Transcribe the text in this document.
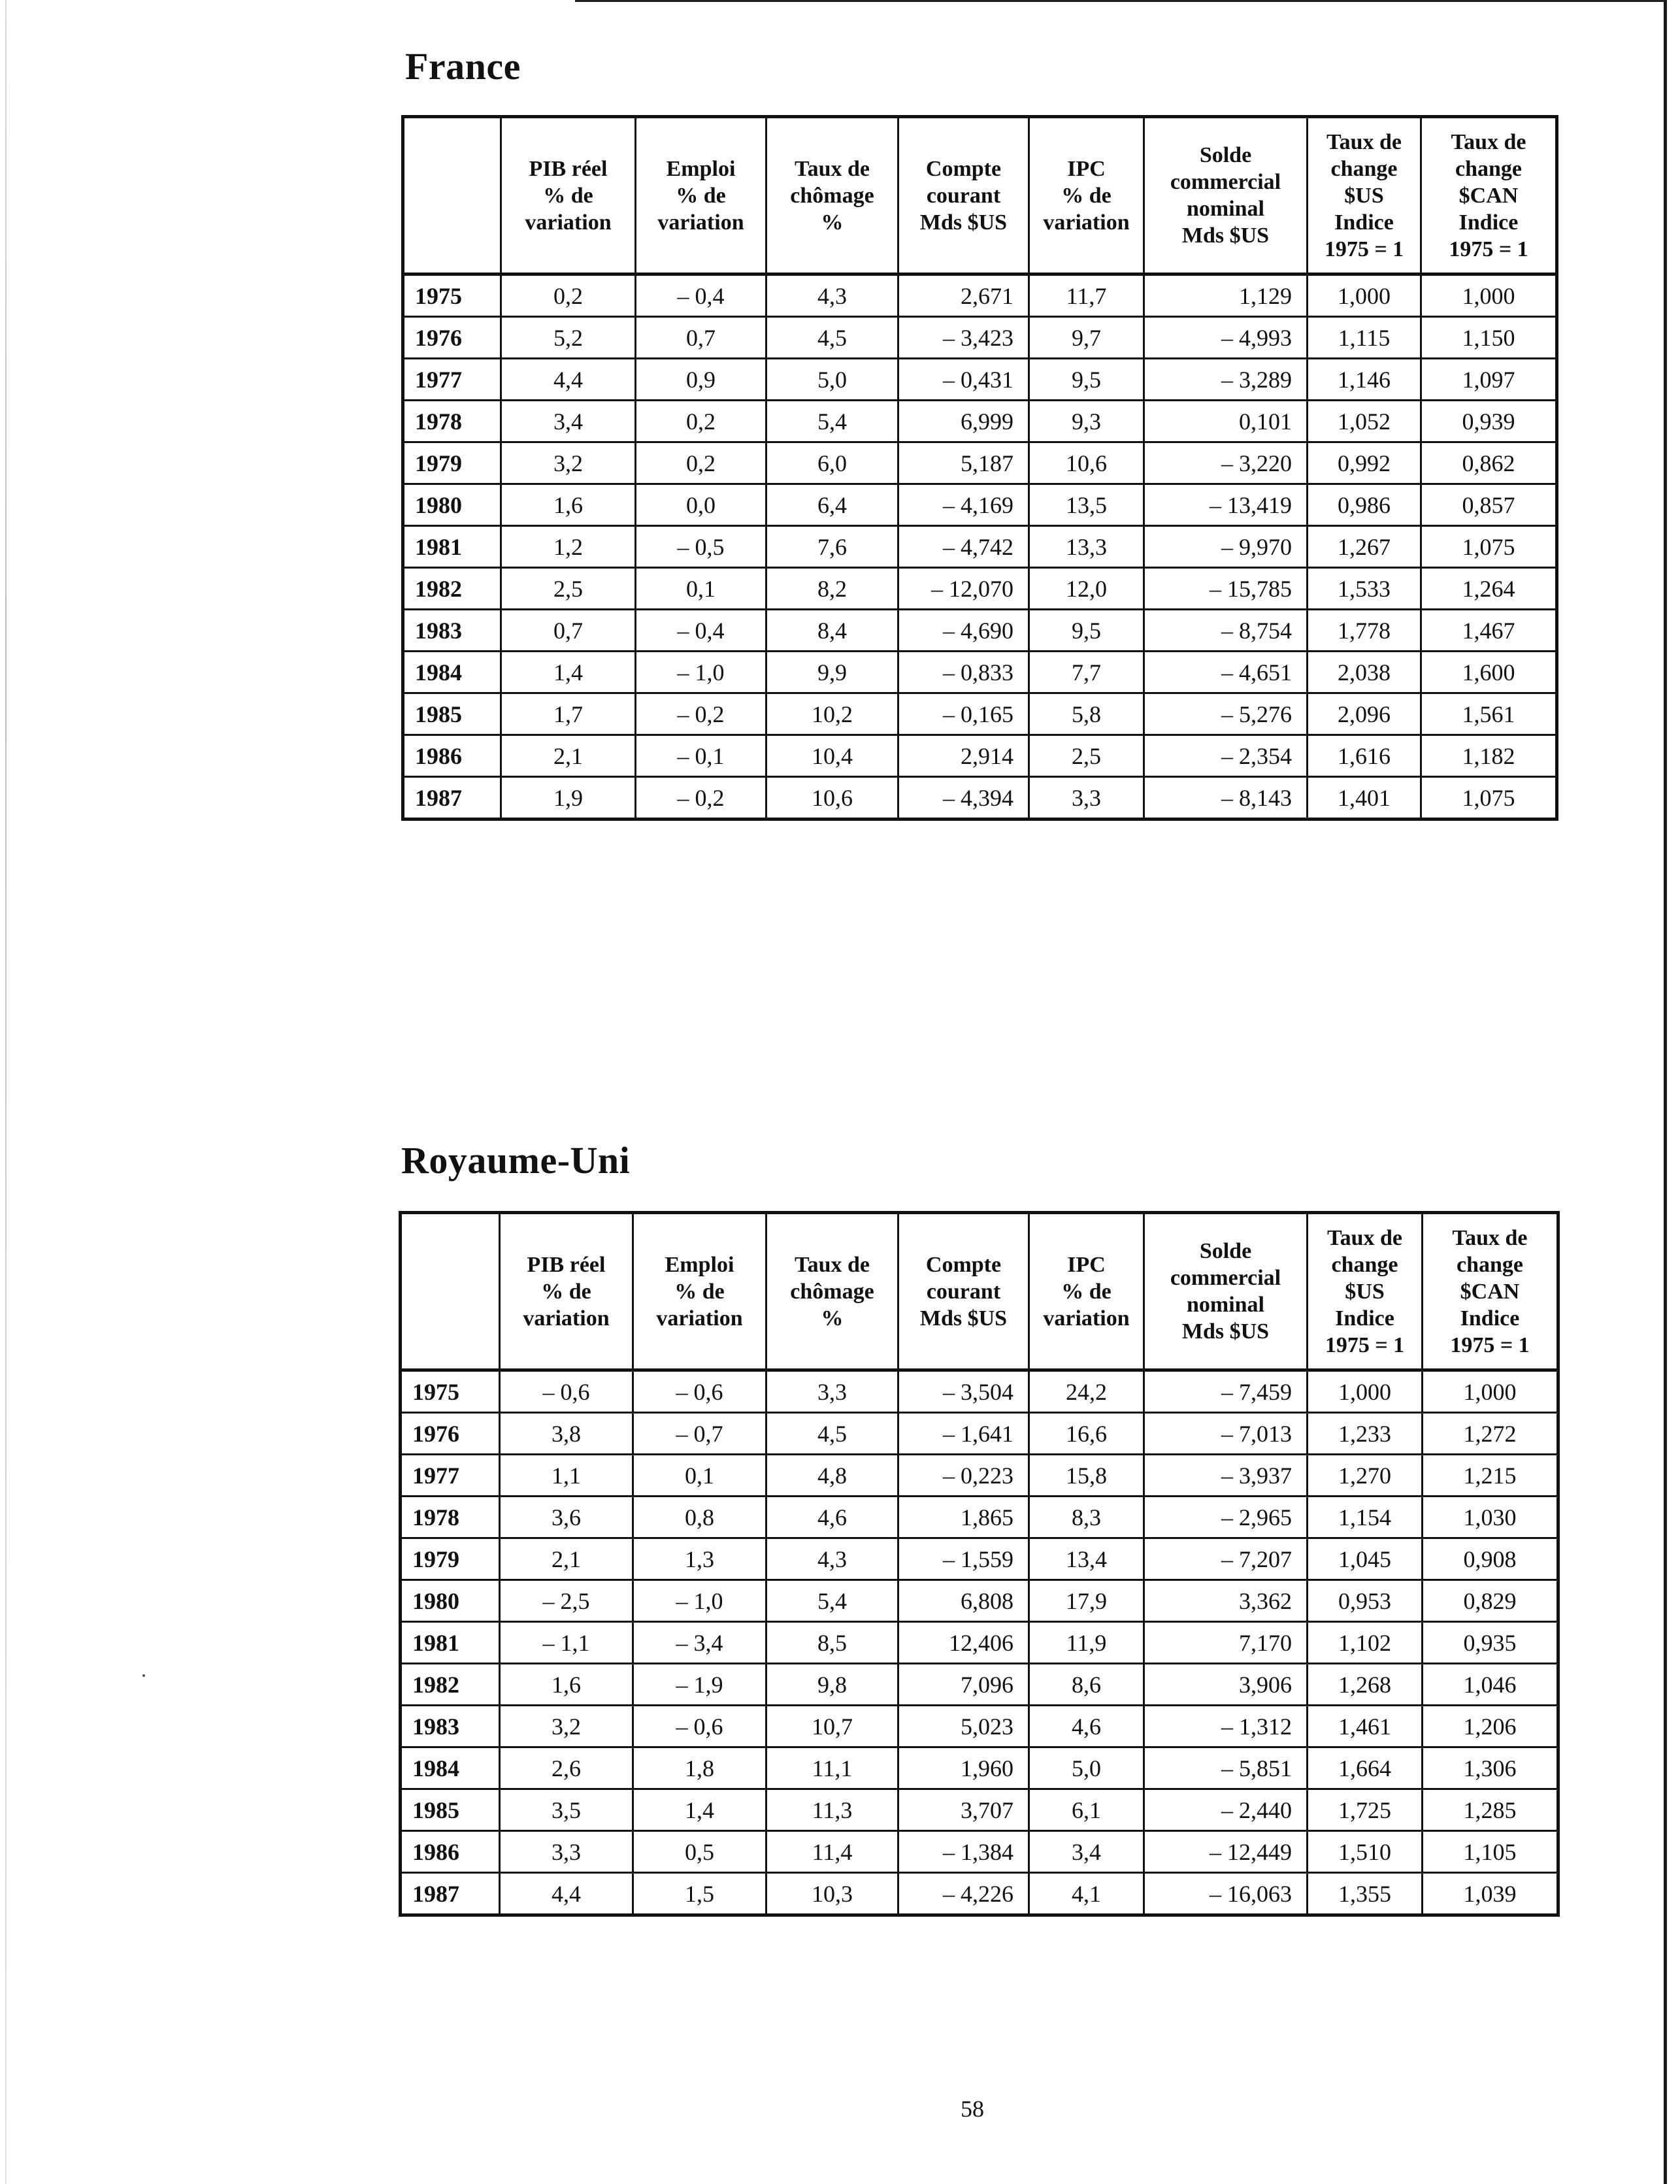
France
	PIB réel
% de
variation	Emploi
% de
variation	Taux de
chômage
%	Compte
courant
Mds $US	IPC
% de
variation	Solde
commercial
nominal
Mds $US	Taux de
change
$US
Indice
1975 = 1	Taux de
change
$CAN
Indice
1975 = 1
1975	0,2	– 0,4	4,3	2,671	11,7	1,129	1,000	1,000
1976	5,2	0,7	4,5	– 3,423	9,7	– 4,993	1,115	1,150
1977	4,4	0,9	5,0	– 0,431	9,5	– 3,289	1,146	1,097
1978	3,4	0,2	5,4	6,999	9,3	0,101	1,052	0,939
1979	3,2	0,2	6,0	5,187	10,6	– 3,220	0,992	0,862
1980	1,6	0,0	6,4	– 4,169	13,5	– 13,419	0,986	0,857
1981	1,2	– 0,5	7,6	– 4,742	13,3	– 9,970	1,267	1,075
1982	2,5	0,1	8,2	– 12,070	12,0	– 15,785	1,533	1,264
1983	0,7	– 0,4	8,4	– 4,690	9,5	– 8,754	1,778	1,467
1984	1,4	– 1,0	9,9	– 0,833	7,7	– 4,651	2,038	1,600
1985	1,7	– 0,2	10,2	– 0,165	5,8	– 5,276	2,096	1,561
1986	2,1	– 0,1	10,4	2,914	2,5	– 2,354	1,616	1,182
1987	1,9	– 0,2	10,6	– 4,394	3,3	– 8,143	1,401	1,075
Royaume-Uni
	PIB réel
% de
variation	Emploi
% de
variation	Taux de
chômage
%	Compte
courant
Mds $US	IPC
% de
variation	Solde
commercial
nominal
Mds $US	Taux de
change
$US
Indice
1975 = 1	Taux de
change
$CAN
Indice
1975 = 1
1975	– 0,6	– 0,6	3,3	– 3,504	24,2	– 7,459	1,000	1,000
1976	3,8	– 0,7	4,5	– 1,641	16,6	– 7,013	1,233	1,272
1977	1,1	0,1	4,8	– 0,223	15,8	– 3,937	1,270	1,215
1978	3,6	0,8	4,6	1,865	8,3	– 2,965	1,154	1,030
1979	2,1	1,3	4,3	– 1,559	13,4	– 7,207	1,045	0,908
1980	– 2,5	– 1,0	5,4	6,808	17,9	3,362	0,953	0,829
1981	– 1,1	– 3,4	8,5	12,406	11,9	7,170	1,102	0,935
1982	1,6	– 1,9	9,8	7,096	8,6	3,906	1,268	1,046
1983	3,2	– 0,6	10,7	5,023	4,6	– 1,312	1,461	1,206
1984	2,6	1,8	11,1	1,960	5,0	– 5,851	1,664	1,306
1985	3,5	1,4	11,3	3,707	6,1	– 2,440	1,725	1,285
1986	3,3	0,5	11,4	– 1,384	3,4	– 12,449	1,510	1,105
1987	4,4	1,5	10,3	– 4,226	4,1	– 16,063	1,355	1,039
58
